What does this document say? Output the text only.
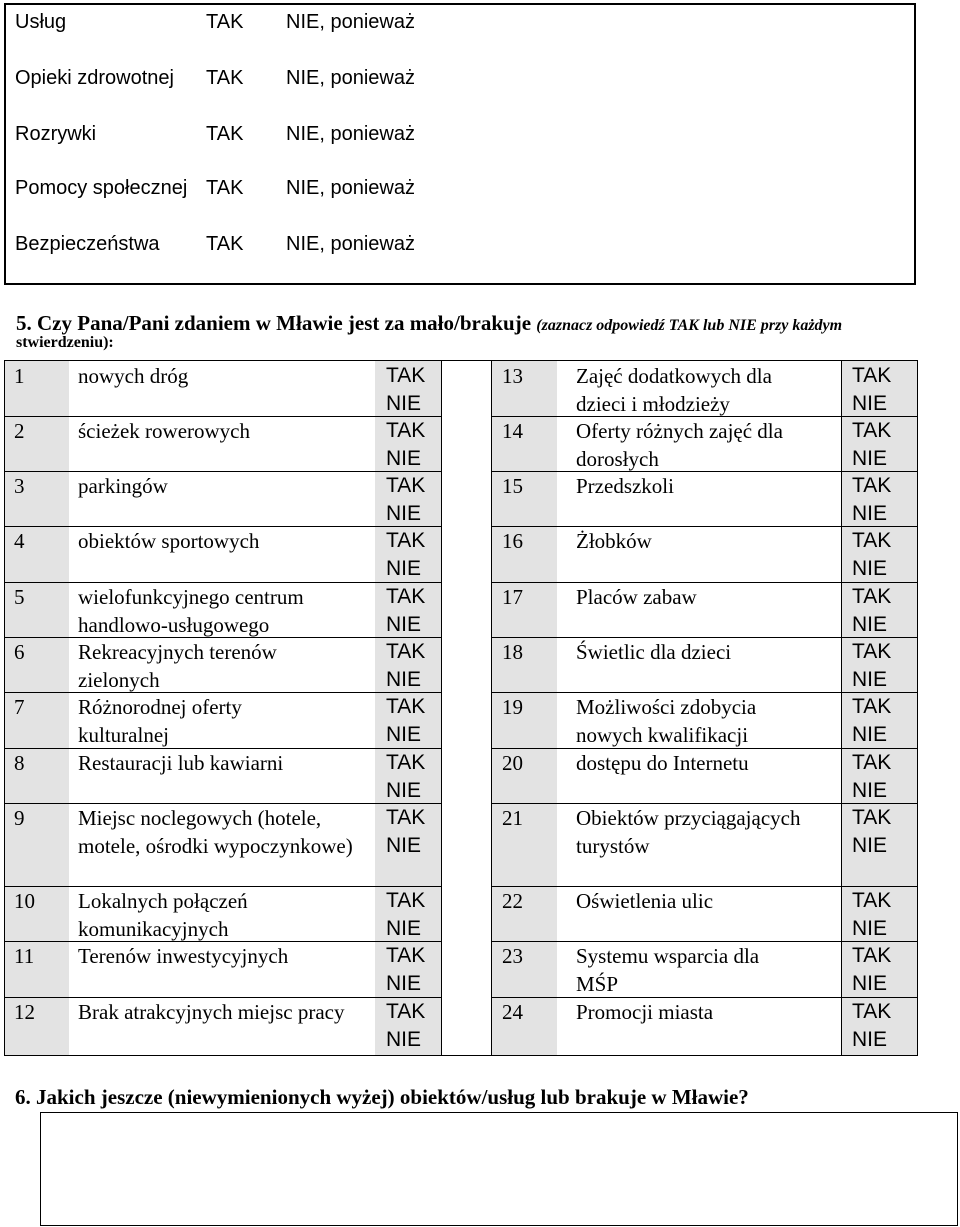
Usług	TAK NIE, ponieważ
Opieki zdrowotnej	TAK NIE, ponieważ
Rozrywki	TAK NIE, ponieważ
Pomocy społecznej TAK NIE, ponieważ
Bezpieczeństwa	TAK NIE, ponieważ
5. Czy Pana/Pani zdaniem w Mławie jest za mało/brakuje (zaznacz odpowiedź TAK lub NIE przy każdym
stwierdzeniu):
1	nowych dróg	TAK
NIE
2	ścieżek rowerowych	TAK
NIE
3	parkingów	TAK
NIE
4	obiektów sportowych	TAK
NIE
5	wielofunkcyjnego centrum handlowo-usługowego
TAK
NIE
6	Rekreacyjnych terenów zielonych
TAK
NIE
7	Różnorodnej oferty kulturalnej
TAK
NIE
8	Restauracji lub kawiarni	TAK
NIE
9	Miejsc noclegowych (hotele, motele, ośrodki wypoczynkowe)
TAK
NIE
10 Lokalnych połączeń komunikacyjnych
TAK
NIE
11 Terenów inwestycyjnych	TAK
NIE
12 Brak atrakcyjnych miejsc pracy TAK
NIE
13	Zajęć dodatkowych dla dzieci i młodzieży
TAK
NIE
14	Oferty różnych zajęć dla dorosłych
TAK
NIE
15	Przedszkoli	TAK
NIE
16	Żłobków	TAK
NIE
17	Placów zabaw	TAK
NIE
18	Świetlic dla dzieci	TAK
NIE
19	Możliwości zdobycia nowych kwalifikacji
TAK
NIE
20	dostępu do Internetu	TAK
NIE
21	Obiektów przyciągających turystów
TAK
NIE
22	Oświetlenia ulic	TAK
NIE
23	Systemu wsparcia dla MŚP
TAK
NIE
24	Promocji miasta	TAK
NIE
6. Jakich jeszcze (niewymienionych wyżej) obiektów/usług lub brakuje w Mławie?
